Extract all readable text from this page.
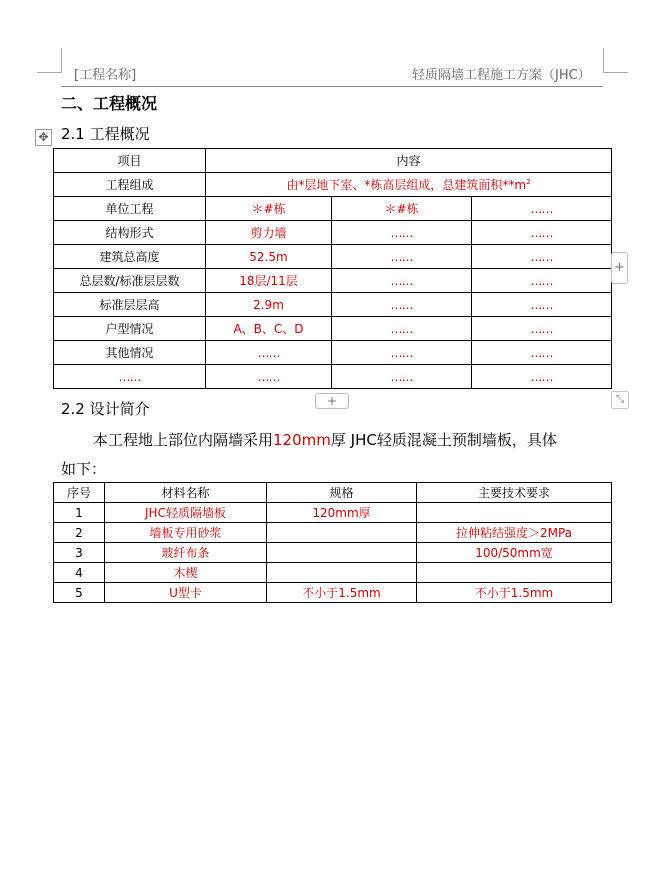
[工程名称]	轻质隔墙工程施工方案（JHC）
二、工程概况
✥ 2.1 工程概况
项目	内容		
工程组成	由*层地下室、*栋高层组成，总建筑面积$**m^2$
单位工程	＊#栋	＊#栋	……
结构形式	剪力墙	……	……
建筑总高度	52.5m	……	……
总层数/标准层层数	18层/11层	……	……
标准层层高	2.9m	……	……
户型情况	A、B、C、D	……	……
其他情况	……	……	……
……	……	……	……
+
+	⤡
2.2 设计简介
本工程地上部位内隔墙采用120mm厚 JHC轻质混凝土预制墙板，具体
如下：
序号	材料名称	规格	主要技术要求
1	JHC轻质隔墙板	120mm厚	
2	墙板专用砂浆		拉伸粘结强度＞2MPa
3	玻纤布条		100/50mm宽
4	木楔		
5	U型卡	不小于1.5mm	不小于1.5mm
